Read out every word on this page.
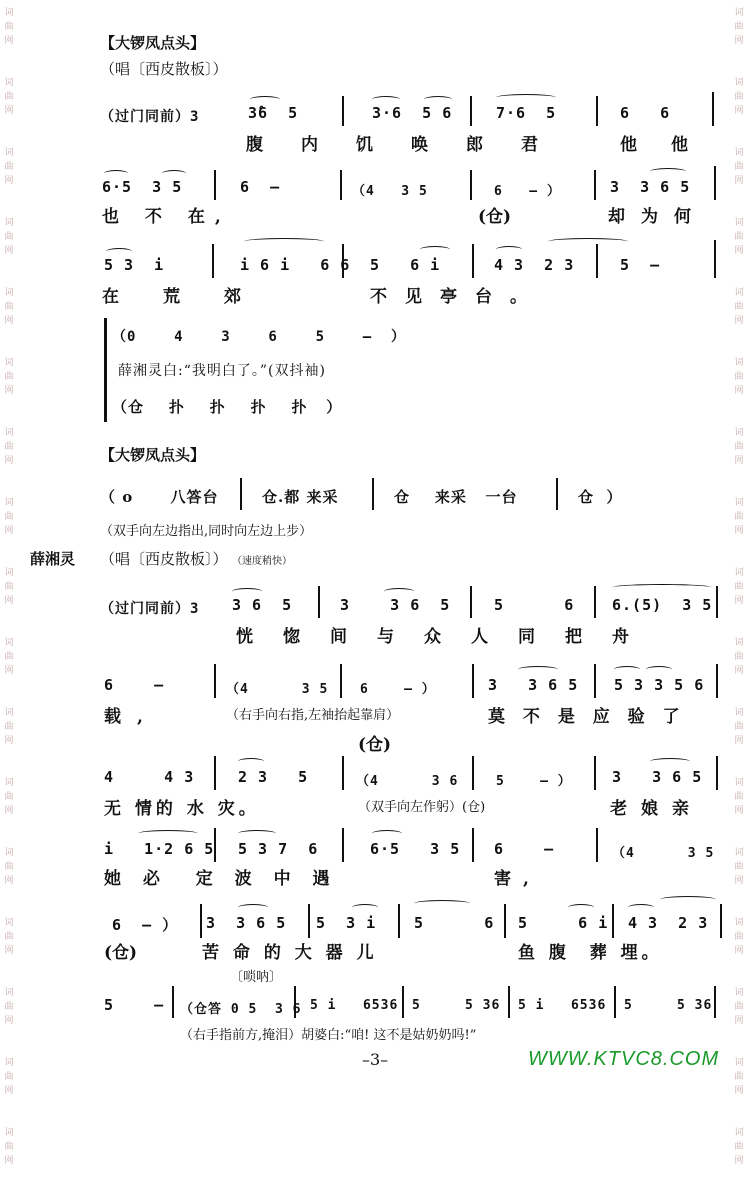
词曲网
词曲网
词曲网
词曲网
词曲网
词曲网
词曲网
词曲网
词曲网
词曲网
词曲网
词曲网
词曲网
词曲网
词曲网
词曲网
词曲网
词曲网
词曲网
词曲网
词曲网
词曲网
词曲网
词曲网
词曲网
词曲网
词曲网
词曲网
词曲网
词曲网
词曲网
词曲网
词曲网
词曲网
【大锣凤点头】
（唱〔西皮散板〕）
（过门同前）3	3̂6  5	3·6  5 6	7·6  5	6   6
腹内饥唤郎君	他他
6·5  3 5	6  –	（4   3 5	6   – ）	3  3 6 5
也 不 在,	(仓)	却为何
5 3  i	i 6 i   6 6 5   6 i	4 3  2 3	5  –
在荒郊	不见亭台。
（0    4    3    6    5    –  ）
薛湘灵白:“我明白了。”(双抖袖)
（仓    扑    扑    扑    扑   ）
【大锣凤点头】
（ o      八答台	仓.都 来采	仓    来采   一台	仓  ）
（双手向左边指出,同时向左边上步）
薛湘灵 （唱〔西皮散板〕） （速度稍快）
（过门同前）3 3 6  5	3    3 6  5	5      6	6.(5)  3 5
恍惚间与众人同把舟
6    –	（4      3 5 6    – ）	3   3 6 5 5 3 3 5 6
载,	（右手向右指,左袖抬起靠肩）	莫 不 是 应 验 了
(仓)
4     4 3	2 3   5	（4      3 6	5    – ）	3   3 6 5
无 情的 水 灾。	（双手向左作躬）(仓)	老娘亲
i   1·2 6 5 5 3 7  6	6·5   3 5 6    –	（4      3 5
她 必  定 波 中 遇	害,
6  – ） 3  3 6 5 5  3 i	5      6 5     6 i 4 3  2 3
(仓)	苦 命 的 大 器 儿	鱼 腹  葬 埋。
〔唢呐〕
5    – （仓答 0 5  3 6 5 i   6536 5     5 36 5 i   6536 5     5 36
（右手指前方,掩泪）胡婆白:“咱! 这不是姑奶奶吗!”
–3–	WWW.KTVC8.COM
